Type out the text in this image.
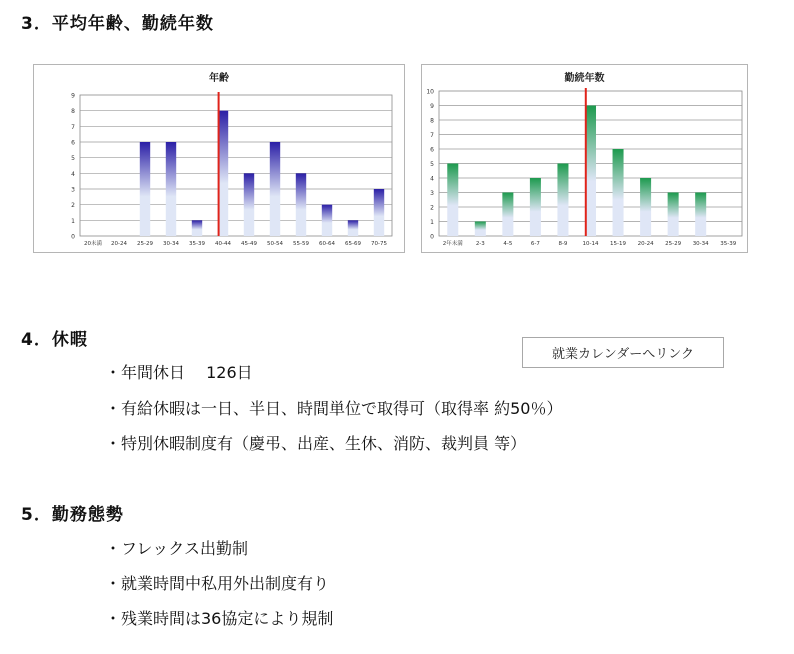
3．平均年齢、勤続年数
年齢
0
1
2
3
4
5
6
7
8
9
20未満 20-24 25-29 30-34 35-39 40-44 45-49 50-54 55-59 60-64 65-69 70-75
勤続年数
0
1
2
3
4
5
6
7
8
9
10
2年未満 2-3	4-5	6-7	8-9	10-14 15-19 20-24 25-29 30-34 35-39
4．休暇
・年間休日　 126日
・有給休暇は一日、半日、時間単位で取得可（取得率 約50％）
・特別休暇制度有（慶弔、出産、生休、消防、裁判員 等）
就業カレンダーへリンク
5．勤務態勢
・フレックス出勤制
・就業時間中私用外出制度有り
・残業時間は36協定により規制
